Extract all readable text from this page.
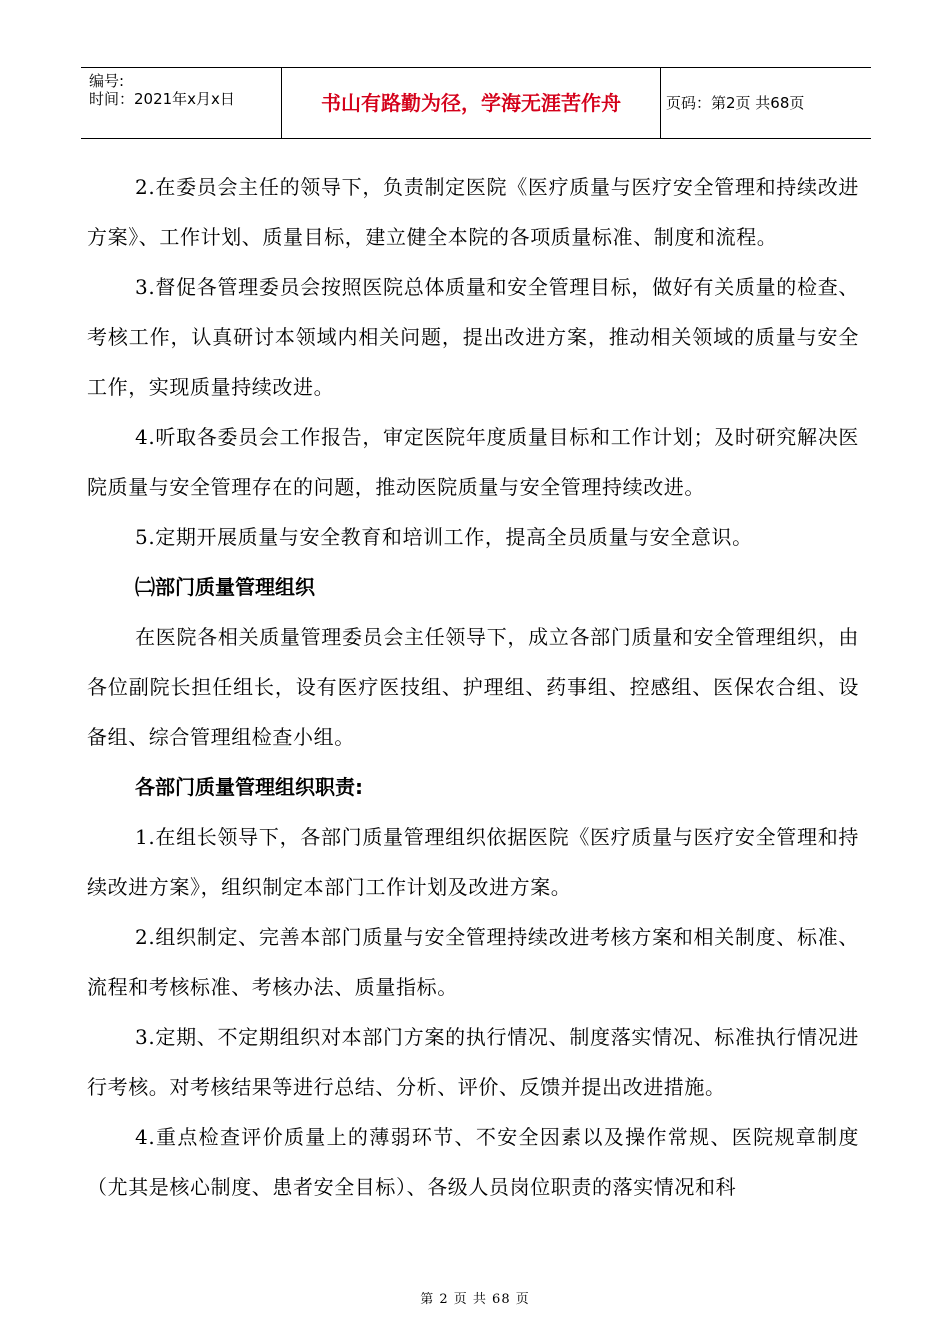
编号:
时间：2021年x月x日	书山有路勤为径，学海无涯苦作舟	页码：第2页 共68页

2.在委员会主任的领导下，负责制定医院《医疗质量与医疗安全管理和持续改进方案》、工作计划、质量目标，建立健全本院的各项质量标准、制度和流程。

3.督促各管理委员会按照医院总体质量和安全管理目标，做好有关质量的检查、考核工作，认真研讨本领域内相关问题，提出改进方案，推动相关领域的质量与安全工作，实现质量持续改进。

4.听取各委员会工作报告，审定医院年度质量目标和工作计划；及时研究解决医院质量与安全管理存在的问题，推动医院质量与安全管理持续改进。

5.定期开展质量与安全教育和培训工作，提高全员质量与安全意识。

㈡部门质量管理组织

在医院各相关质量管理委员会主任领导下，成立各部门质量和安全管理组织，由各位副院长担任组长，设有医疗医技组、护理组、药事组、控感组、医保农合组、设备组、综合管理组检查小组。

各部门质量管理组织职责:

1.在组长领导下，各部门质量管理组织依据医院《医疗质量与医疗安全管理和持续改进方案》，组织制定本部门工作计划及改进方案。

2.组织制定、完善本部门质量与安全管理持续改进考核方案和相关制度、标准、流程和考核标准、考核办法、质量指标。

3.定期、不定期组织对本部门方案的执行情况、制度落实情况、标准执行情况进行考核。对考核结果等进行总结、分析、评价、反馈并提出改进措施。

4.重点检查评价质量上的薄弱环节、不安全因素以及操作常规、医院规章制度（尤其是核心制度、患者安全目标）、各级人员岗位职责的落实情况和科

第 2 页 共 68 页
